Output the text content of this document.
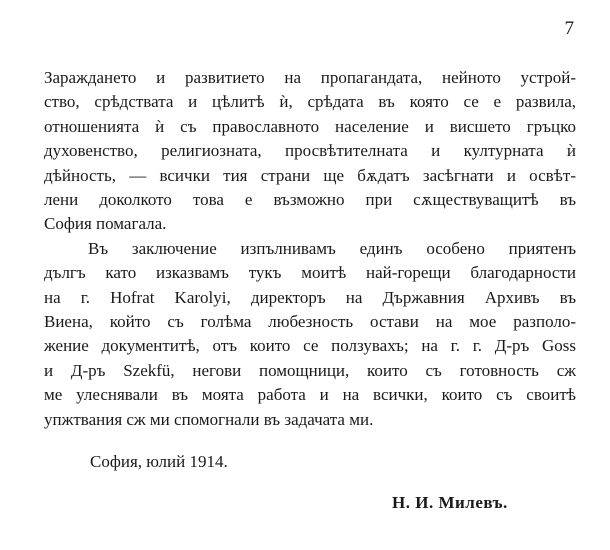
7
Зараждането и развитието на пропагандата, нейното устрой-
ство, срѣдствата и цѣлитѣ ѝ, срѣдата въ която се е развила,
отношенията ѝ съ православното население и висшето гръцко
духовенство, религиозната, просвѣтителната и културната ѝ
дѣйность, — всички тия страни ще бѫдатъ засѣгнати и освѣт-
лени доколкото това е възможно при сѫществуващитѣ въ
София помагала.
Въ заключение изпълнивамъ единъ особено приятенъ
дългъ като изказвамъ тукъ моитѣ най-горещи благодарности
на г. Hofrat Karolyi, директоръ на Държавния Архивъ въ
Виена, който съ голѣма любезность остави на мое разполо-
жение документитѣ, отъ които се ползувахъ; на г. г. Д-ръ Goss
и Д-ръ Szekfü, негови помощници, които съ готовность сж
ме улеснявали въ моята работа и на всички, които съ своитѣ
упжтвания сж ми спомогнали въ задачата ми.
София, юлий 1914.
Н. И. Милевъ.
